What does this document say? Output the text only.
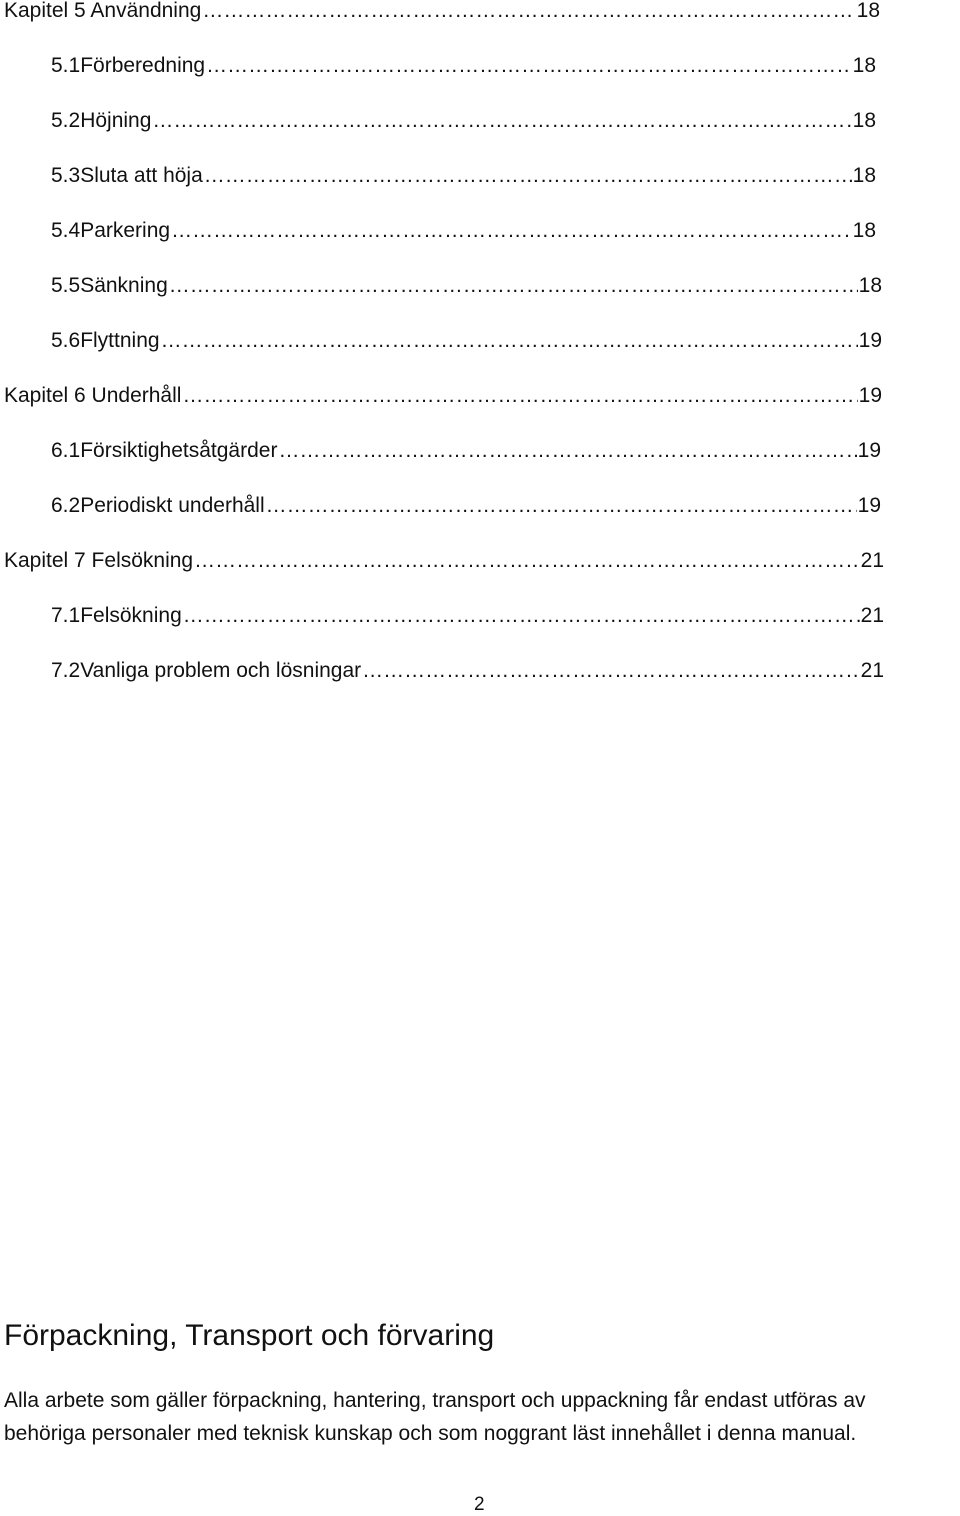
Kapitel 5 Användning …………………………………………………………………………………………………………………………………………………………………………………………	18
5.1Förberedning …………………………………………………………………………………………………………………………………………………………………………………………	18
5.2Höjning …………………………………………………………………………………………………………………………………………………………………………………………	18
5.3Sluta att höja …………………………………………………………………………………………………………………………………………………………………………………………	18
5.4Parkering …………………………………………………………………………………………………………………………………………………………………………………………	18
5.5Sänkning …………………………………………………………………………………………………………………………………………………………………………………………	18
5.6Flyttning …………………………………………………………………………………………………………………………………………………………………………………………	19
Kapitel 6 Underhåll …………………………………………………………………………………………………………………………………………………………………………………………	19
6.1Försiktighetsåtgärder …………………………………………………………………………………………………………………………………………………………………………………………	19
6.2Periodiskt underhåll …………………………………………………………………………………………………………………………………………………………………………………………	19
Kapitel 7 Felsökning …………………………………………………………………………………………………………………………………………………………………………………………	21
7.1Felsökning …………………………………………………………………………………………………………………………………………………………………………………………	21
7.2Vanliga problem och lösningar …………………………………………………………………………………………………………………………………………………………………………………………	21
Förpackning, Transport och förvaring

Alla arbete som gäller förpackning, hantering, transport och uppackning får endast utföras av
behöriga personaler med teknisk kunskap och som noggrant läst innehållet i denna manual.

2
